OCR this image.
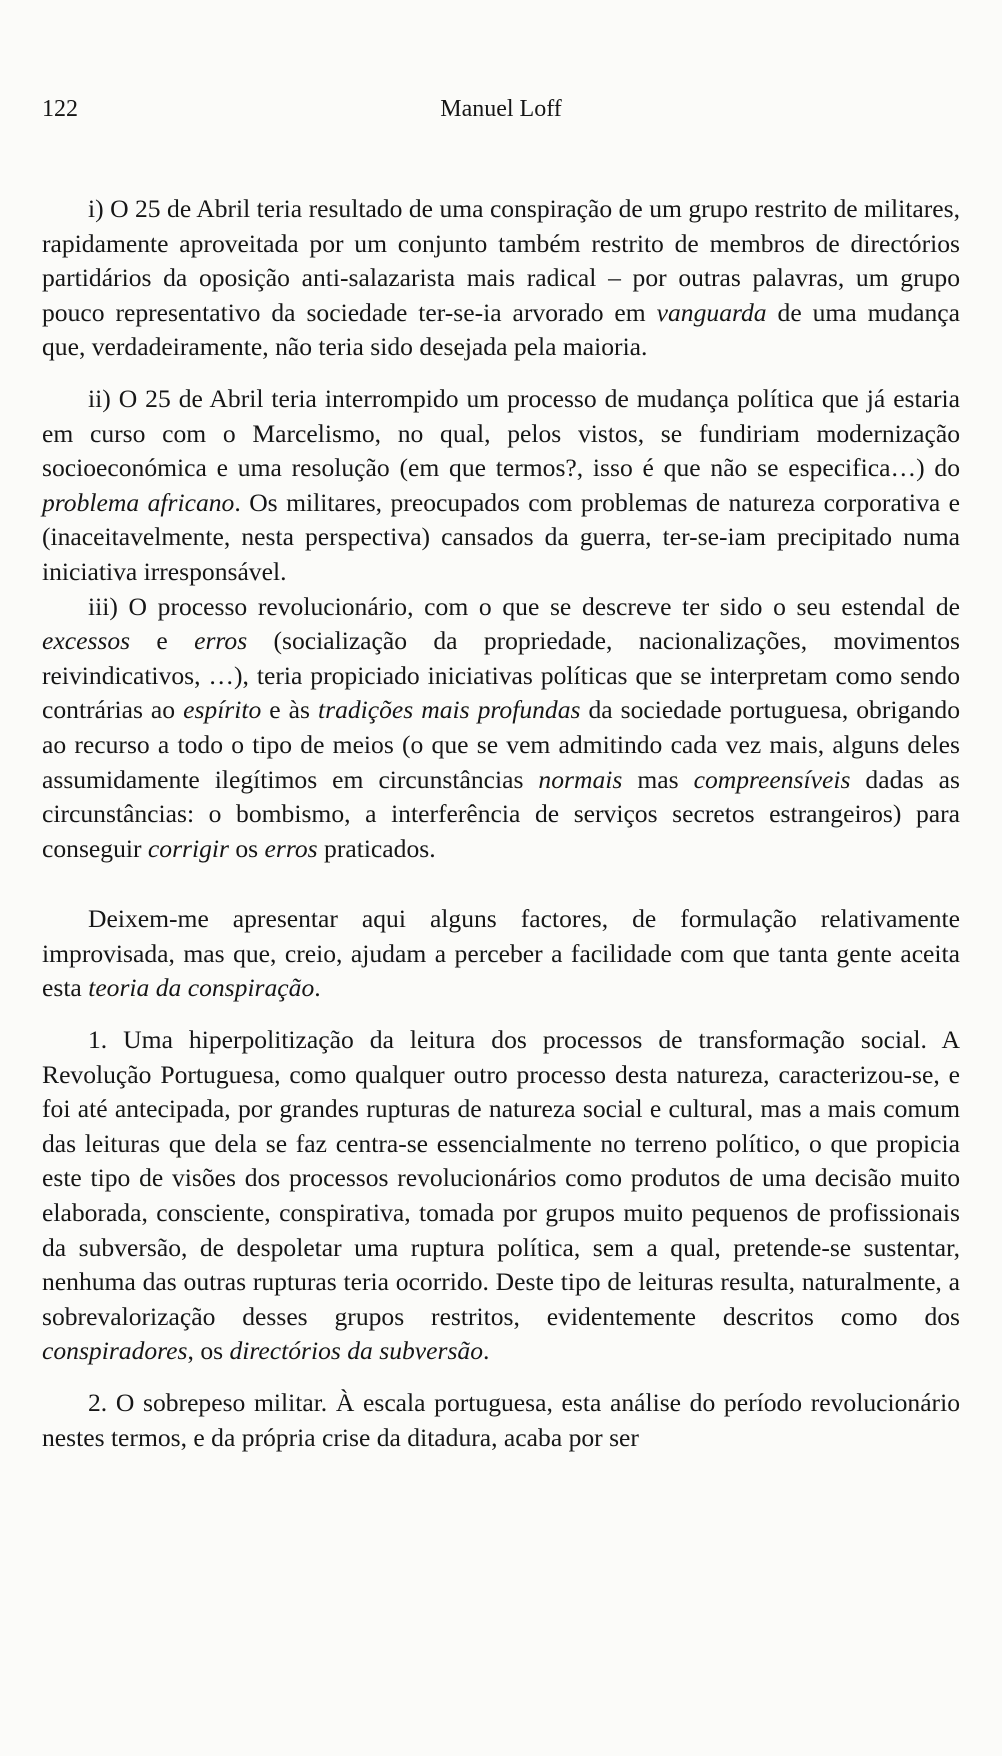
122	Manuel Loff

i) O 25 de Abril teria resultado de uma conspiração de um grupo restrito de militares, rapidamente aproveitada por um conjunto também restrito de membros de directórios partidários da oposição anti-salazarista mais radical – por outras palavras, um grupo pouco representativo da sociedade ter-se-ia arvorado em vanguarda de uma mudança que, verdadeiramente, não teria sido desejada pela maioria.

ii) O 25 de Abril teria interrompido um processo de mudança política que já estaria em curso com o Marcelismo, no qual, pelos vistos, se fundiriam modernização socioeconómica e uma resolução (em que termos?, isso é que não se especifica…) do problema africano. Os militares, preocupados com problemas de natureza corporativa e (inaceitavelmente, nesta perspectiva) cansados da guerra, ter-se-iam precipitado numa iniciativa irresponsável.

iii) O processo revolucionário, com o que se descreve ter sido o seu estendal de excessos e erros (socialização da propriedade, nacionalizações, movimentos reivindicativos, …), teria propiciado iniciativas políticas que se interpretam como sendo contrárias ao espírito e às tradições mais profundas da sociedade portuguesa, obrigando ao recurso a todo o tipo de meios (o que se vem admitindo cada vez mais, alguns deles assumidamente ilegítimos em circunstâncias normais mas compreensíveis dadas as circunstâncias: o bombismo, a interferência de serviços secretos estrangeiros) para conseguir corrigir os erros praticados.

Deixem-me apresentar aqui alguns factores, de formulação relativamente improvisada, mas que, creio, ajudam a perceber a facilidade com que tanta gente aceita esta teoria da conspiração.

1. Uma hiperpolitização da leitura dos processos de transformação social. A Revolução Portuguesa, como qualquer outro processo desta natureza, caracterizou-se, e foi até antecipada, por grandes rupturas de natureza social e cultural, mas a mais comum das leituras que dela se faz centra-se essencialmente no terreno político, o que propicia este tipo de visões dos processos revolucionários como produtos de uma decisão muito elaborada, consciente, conspirativa, tomada por grupos muito pequenos de profissionais da subversão, de despoletar uma ruptura política, sem a qual, pretende-se sustentar, nenhuma das outras rupturas teria ocorrido. Deste tipo de leituras resulta, naturalmente, a sobrevalorização desses grupos restritos, evidentemente descritos como dos conspiradores, os directórios da subversão.

2. O sobrepeso militar. À escala portuguesa, esta análise do período revolucionário nestes termos, e da própria crise da ditadura, acaba por ser
